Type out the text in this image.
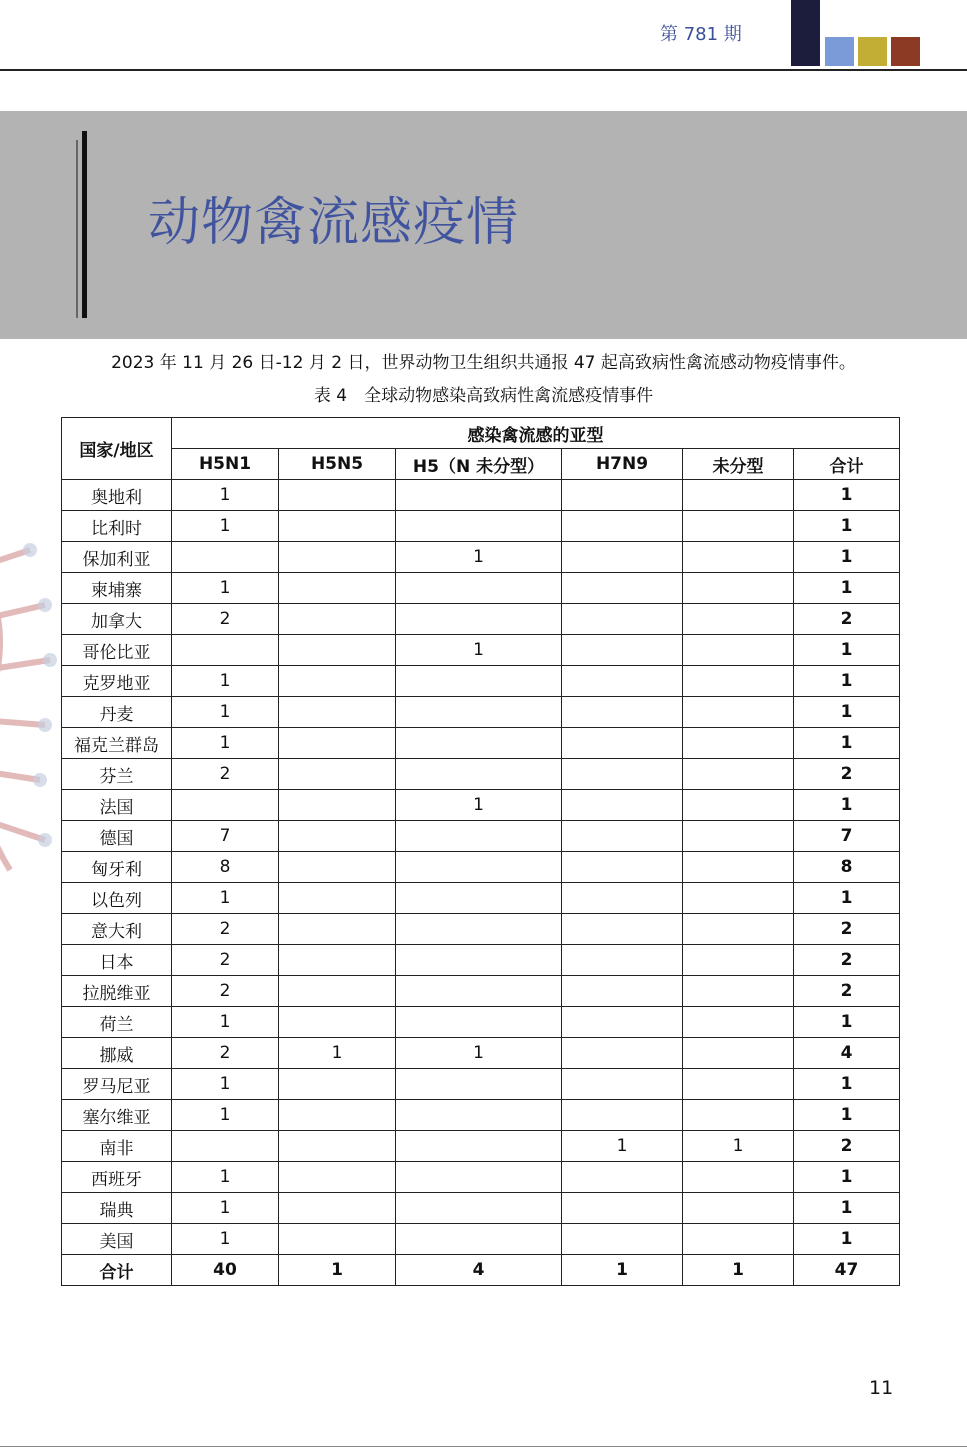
第 781 期
动物禽流感疫情
2023 年 11 月 26 日-12 月 2 日，世界动物卫生组织共通报 47 起高致病性禽流感动物疫情事件。
表 4　全球动物感染高致病性禽流感疫情事件
国家/地区	感染禽流感的亚型					
	H5N1	H5N5	H5（N 未分型）	H7N9	未分型	合计
奥地利	1					1
比利时	1					1
保加利亚			1			1
柬埔寨	1					1
加拿大	2					2
哥伦比亚			1			1
克罗地亚	1					1
丹麦	1					1
福克兰群岛	1					1
芬兰	2					2
法国			1			1
德国	7					7
匈牙利	8					8
以色列	1					1
意大利	2					2
日本	2					2
拉脱维亚	2					2
荷兰	1					1
挪威	2	1	1			4
罗马尼亚	1					1
塞尔维亚	1					1
南非				1	1	2
西班牙	1					1
瑞典	1					1
美国	1					1
合计	40	1	4	1	1	47
11
